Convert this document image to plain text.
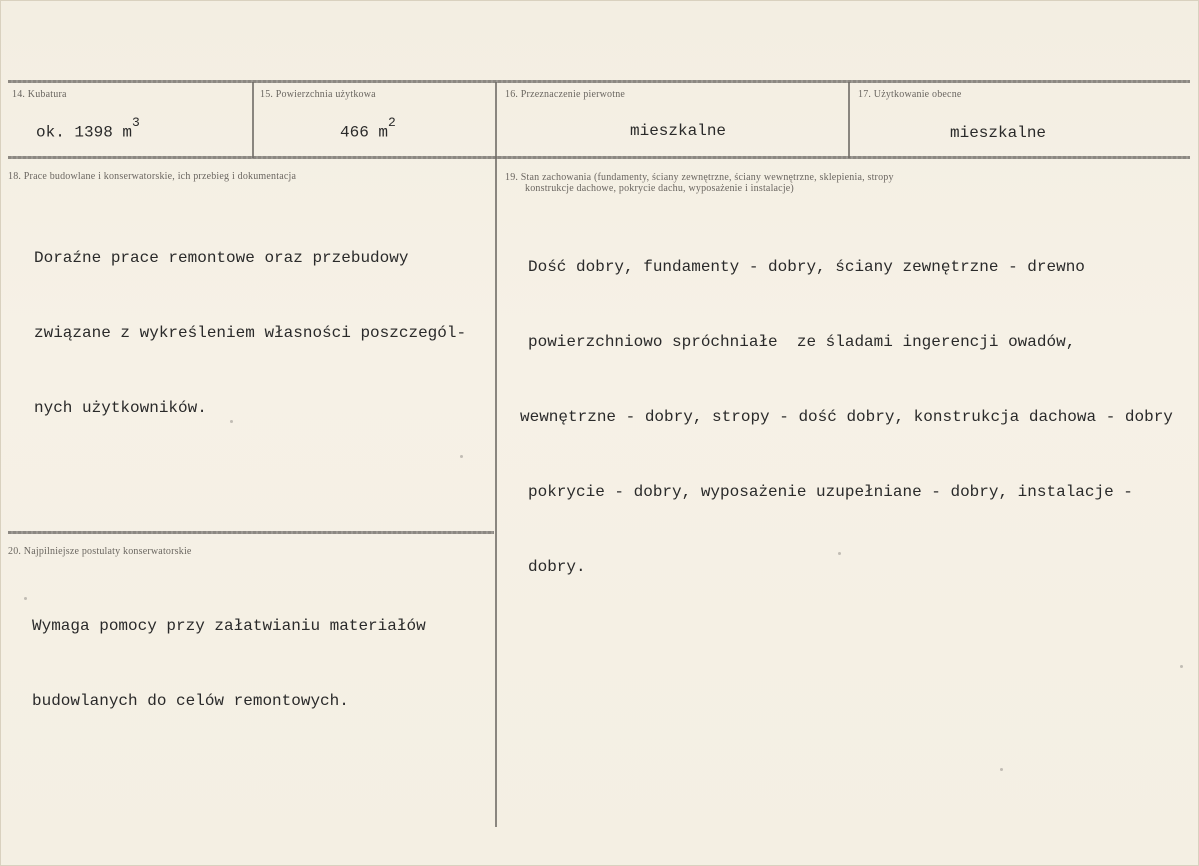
14. Kubatura
ok. 1398 $m^3$
15. Powierzchnia użytkowa
466 $m^2$
16. Przeznaczenie pierwotne
mieszkalne
17. Użytkowanie obecne
mieszkalne
18. Prace budowlane i konserwatorskie, ich przebieg i dokumentacja

Doraźne prace remontowe oraz przebudowy

związane z wykreśleniem własności poszczegól-

nych użytkowników.

19. Stan zachowania (fundamenty, ściany zewnętrzne, ściany wewnętrzne, sklepienia, stropy
konstrukcje dachowe, pokrycie dachu, wyposażenie i instalacje)

Dość dobry, fundamenty - dobry, ściany zewnętrzne - drewno

powierzchniowo spróchniałe  ze śladami ingerencji owadów,

wewnętrzne - dobry, stropy - dość dobry, konstrukcja dachowa - dobry

pokrycie - dobry, wyposażenie uzupełniane - dobry, instalacje -

dobry.

20. Najpilniejsze postulaty konserwatorskie

Wymaga pomocy przy załatwianiu materiałów

budowlanych do celów remontowych.
